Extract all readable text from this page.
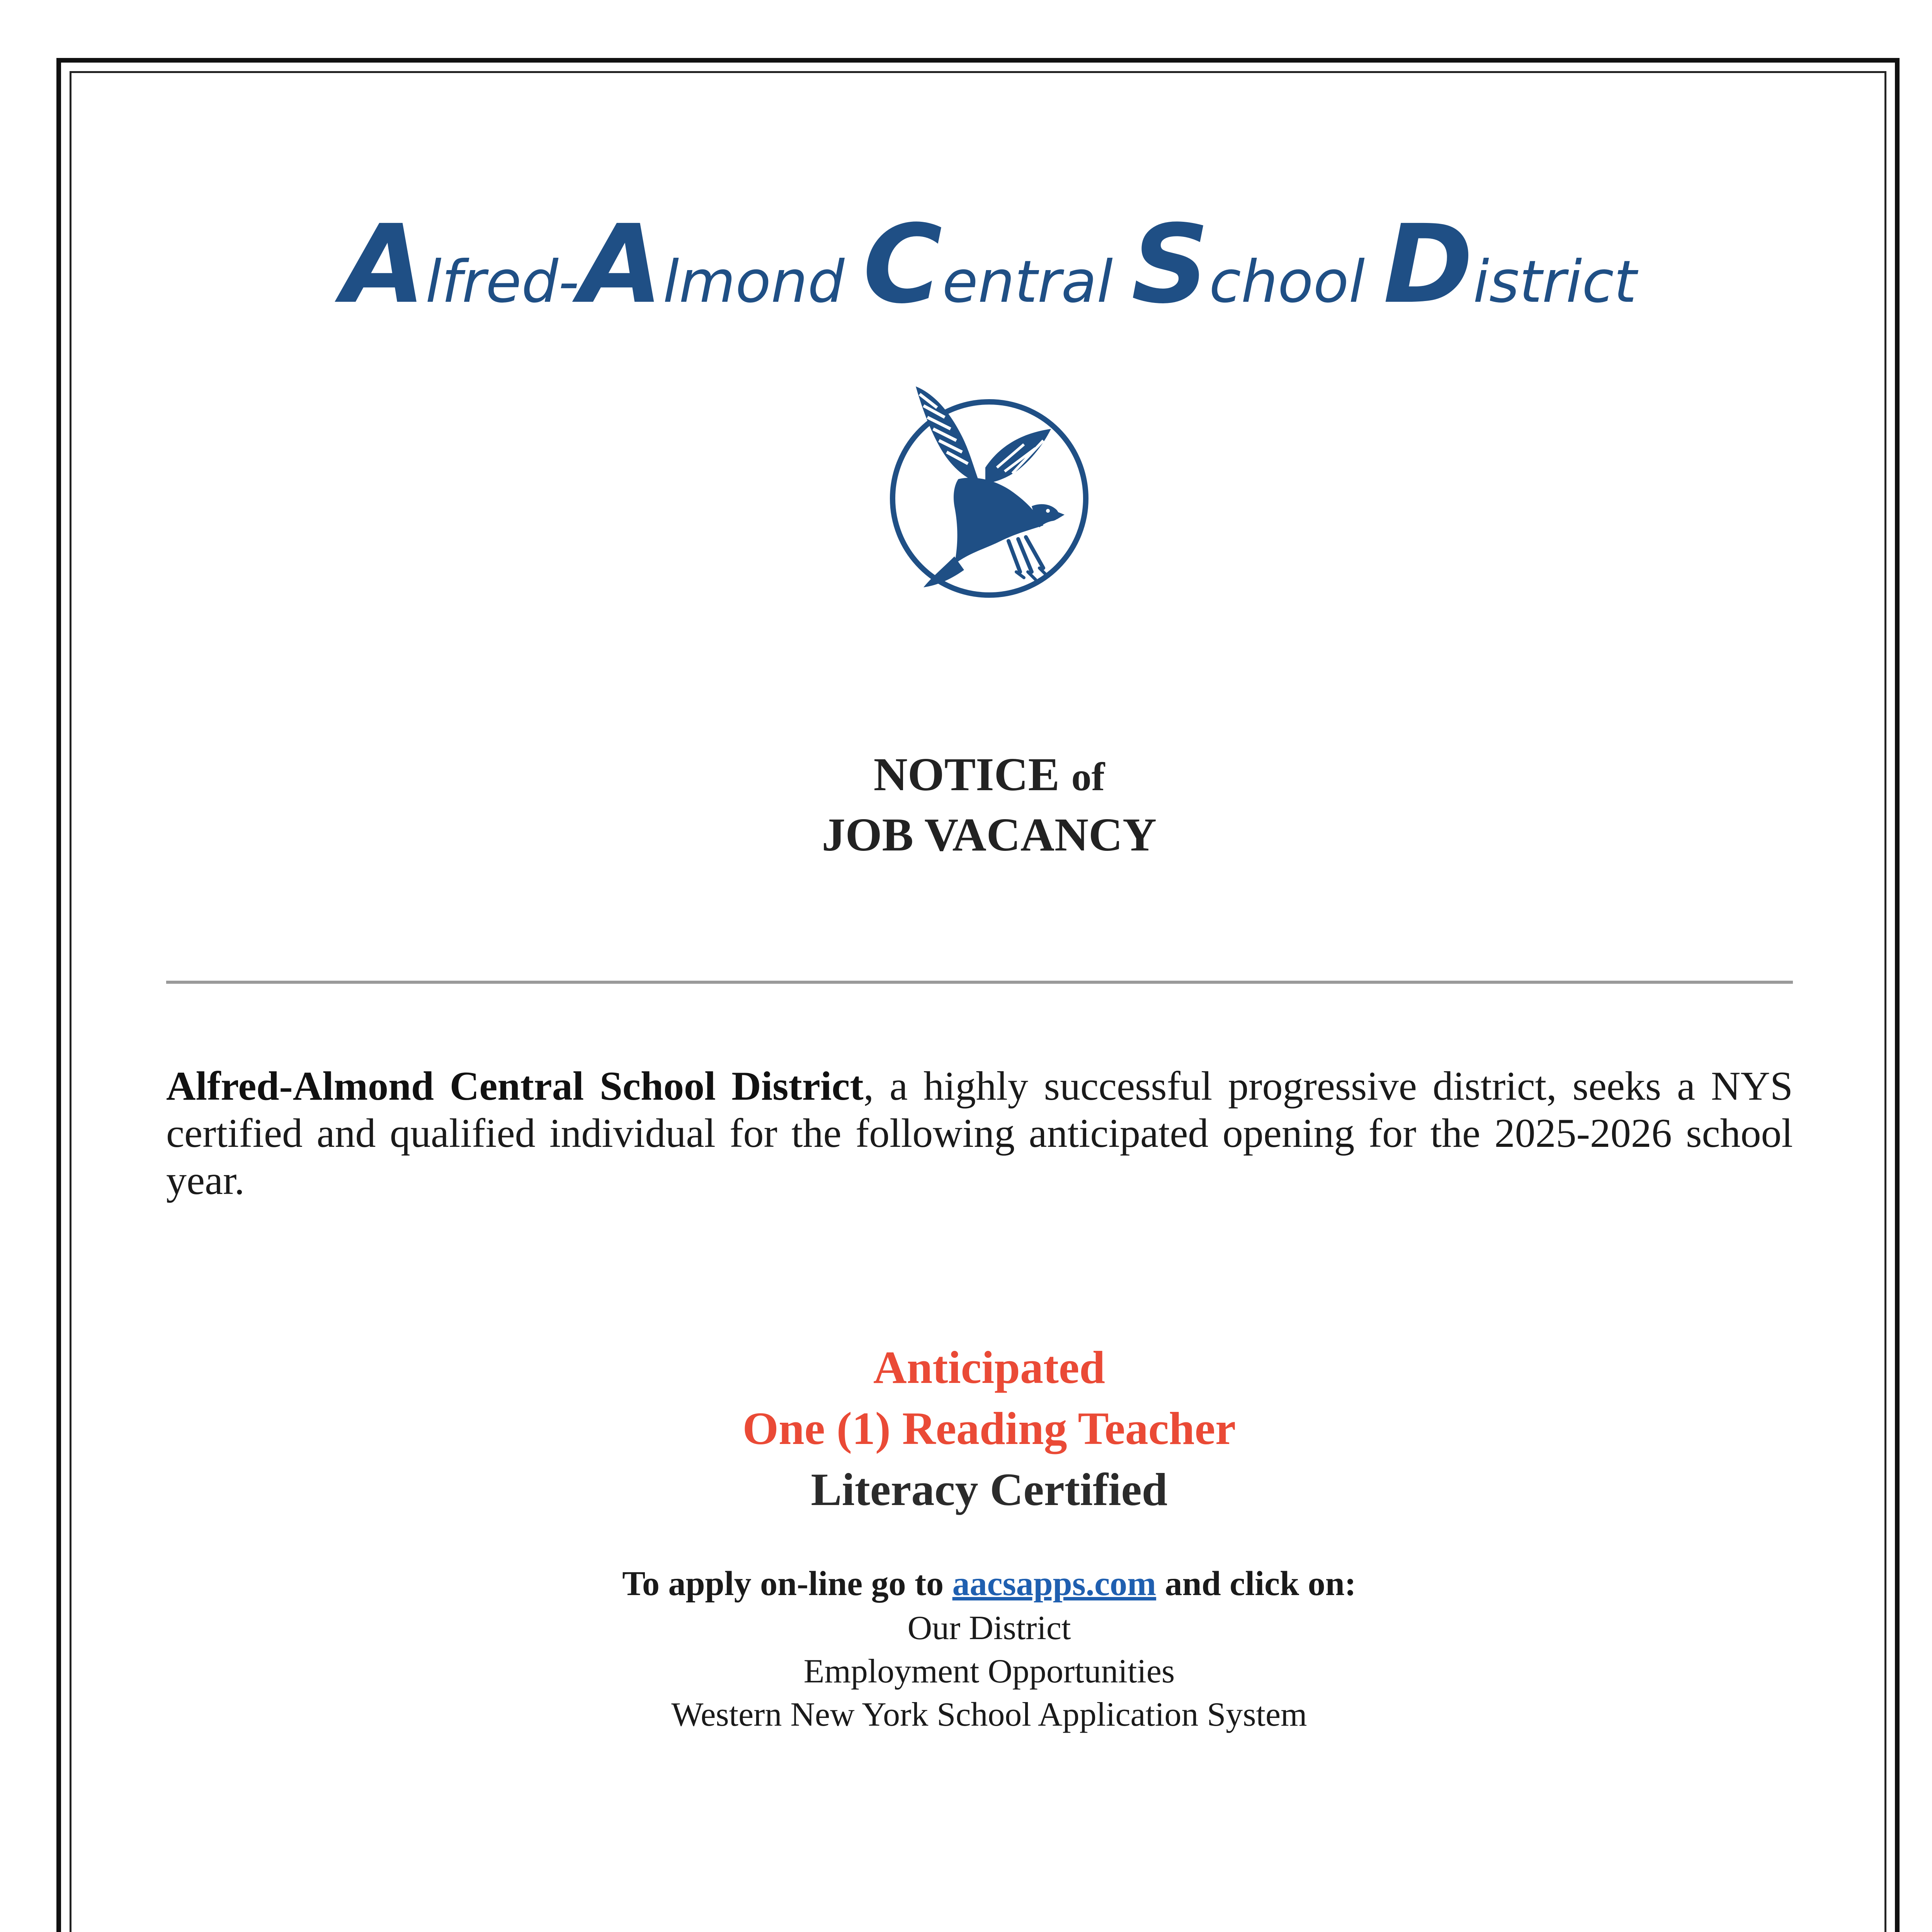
Alfred-Almond Central School District
NOTICE of
JOB VACANCY
Alfred-Almond Central School District, a highly successful progressive district, seeks a NYS certified and qualified individual for the following anticipated opening for the 2025-2026 school year.
Anticipated
One (1) Reading Teacher
Literacy Certified
To apply on-line go to aacsapps.com and click on:
Our District
Employment Opportunities
Western New York School Application System
